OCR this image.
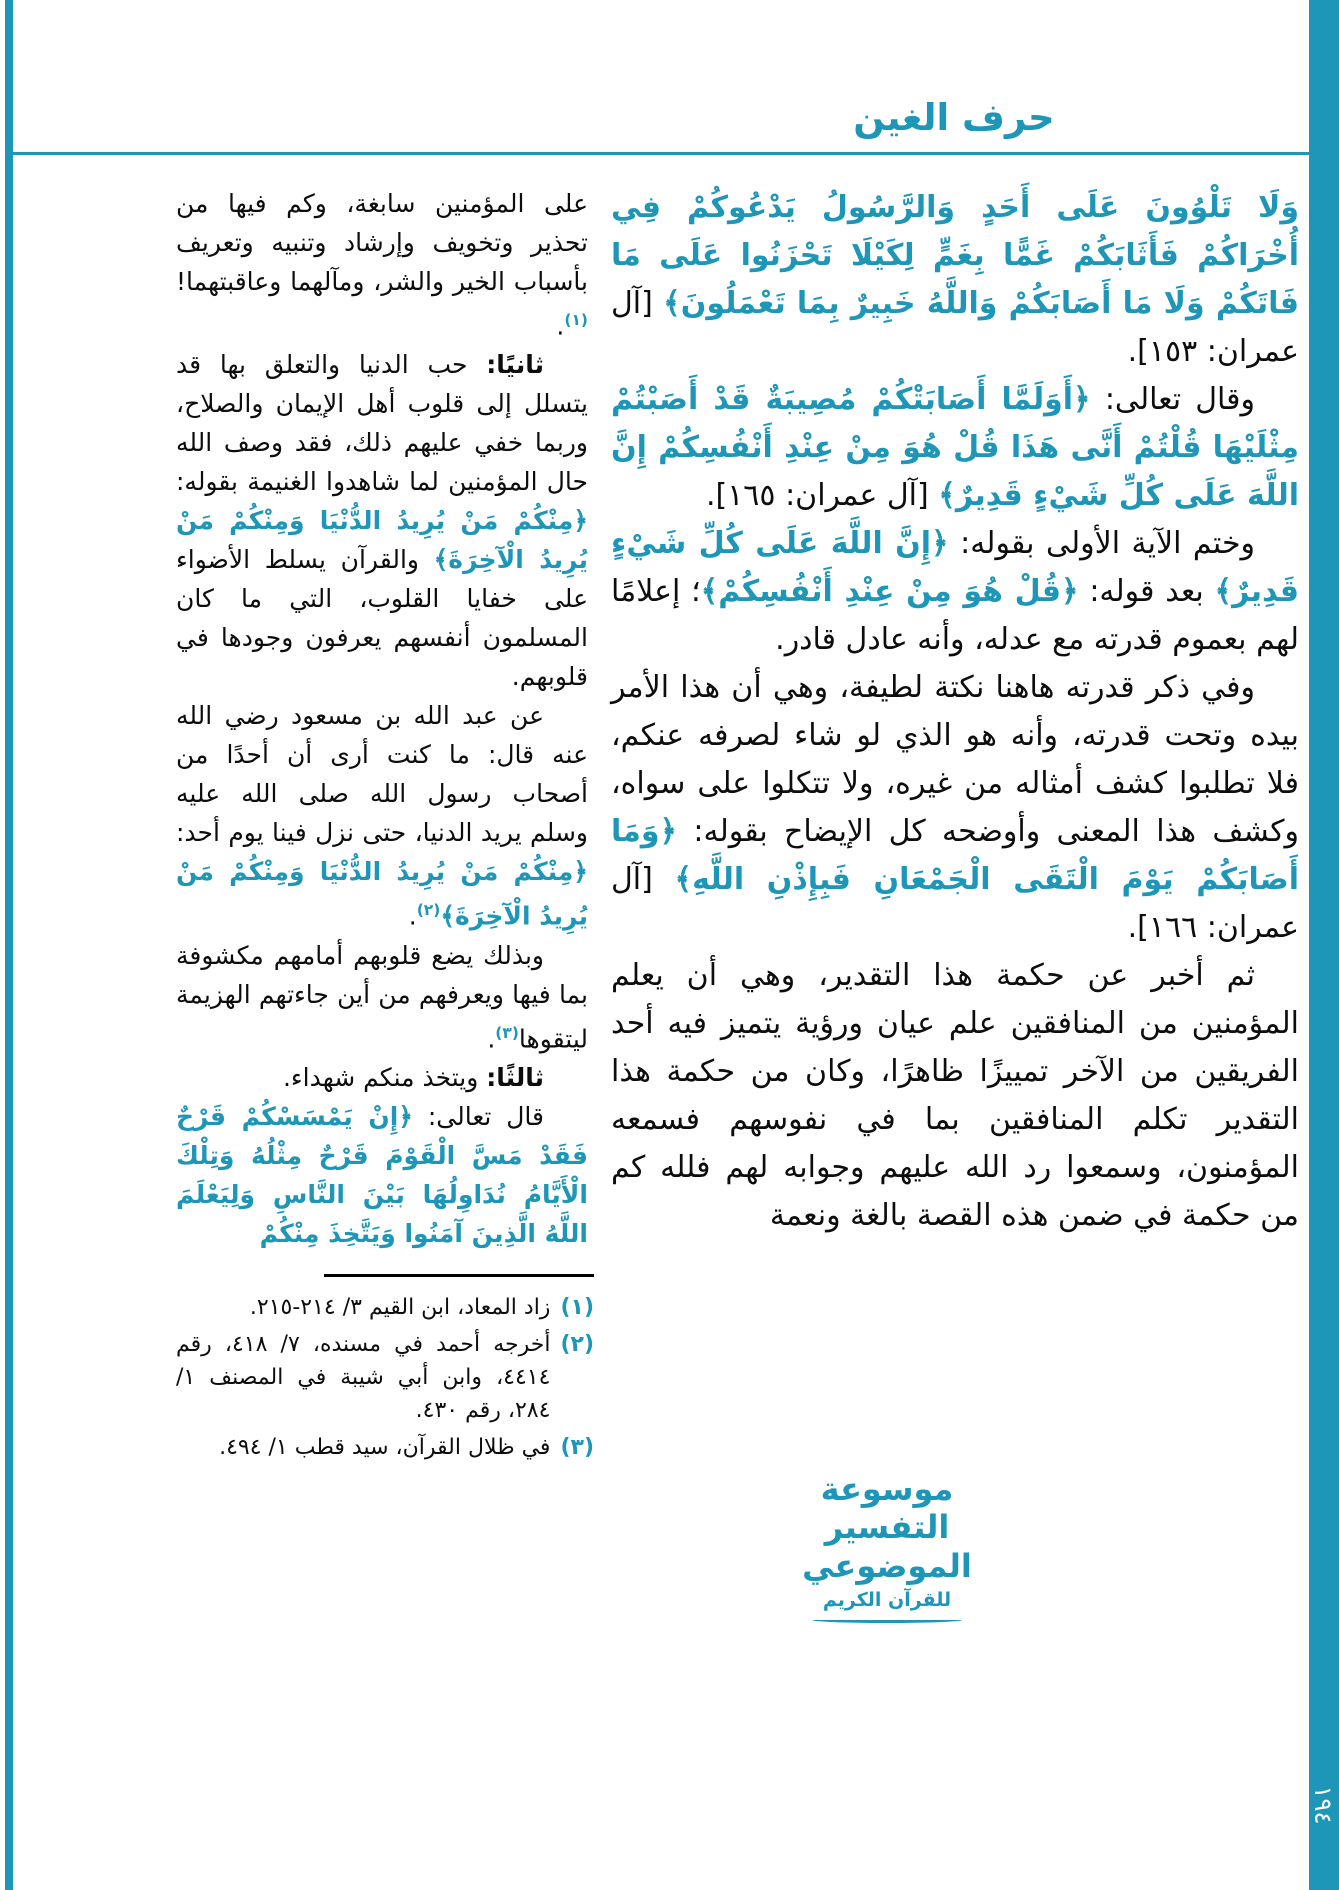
١٩٤
حرف الغين

وَلَا تَلْوُونَ عَلَى أَحَدٍ وَالرَّسُولُ يَدْعُوكُمْ فِي أُخْرَاكُمْ فَأَثَابَكُمْ غَمًّا بِغَمٍّ لِكَيْلَا تَحْزَنُوا عَلَى مَا فَاتَكُمْ وَلَا مَا أَصَابَكُمْ وَاللَّهُ خَبِيرٌ بِمَا تَعْمَلُونَ﴾ [آل عمران: ١٥٣].

وقال تعالى: ﴿أَوَلَمَّا أَصَابَتْكُمْ مُصِيبَةٌ قَدْ أَصَبْتُمْ مِثْلَيْهَا قُلْتُمْ أَنَّى هَذَا قُلْ هُوَ مِنْ عِنْدِ أَنْفُسِكُمْ إِنَّ اللَّهَ عَلَى كُلِّ شَيْءٍ قَدِيرٌ﴾ [آل عمران: ١٦٥].

وختم الآية الأولى بقوله: ﴿إِنَّ اللَّهَ عَلَى كُلِّ شَيْءٍ قَدِيرٌ﴾ بعد قوله: ﴿قُلْ هُوَ مِنْ عِنْدِ أَنْفُسِكُمْ﴾؛ إعلامًا لهم بعموم قدرته مع عدله، وأنه عادل قادر.

وفي ذكر قدرته هاهنا نكتة لطيفة، وهي أن هذا الأمر بيده وتحت قدرته، وأنه هو الذي لو شاء لصرفه عنكم، فلا تطلبوا كشف أمثاله من غيره، ولا تتكلوا على سواه، وكشف هذا المعنى وأوضحه كل الإيضاح بقوله: ﴿وَمَا أَصَابَكُمْ يَوْمَ الْتَقَى الْجَمْعَانِ فَبِإِذْنِ اللَّهِ﴾ [آل عمران: ١٦٦].

ثم أخبر عن حكمة هذا التقدير، وهي أن يعلم المؤمنين من المنافقين علم عيان ورؤية يتميز فيه أحد الفريقين من الآخر تمييزًا ظاهرًا، وكان من حكمة هذا التقدير تكلم المنافقين بما في نفوسهم فسمعه المؤمنون، وسمعوا رد الله عليهم وجوابه لهم فلله كم من حكمة في ضمن هذه القصة بالغة ونعمة

على المؤمنين سابغة، وكم فيها من تحذير وتخويف وإرشاد وتنبيه وتعريف بأسباب الخير والشر، ومآلهما وعاقبتهما!$^{(١)}$.

ثانيًا: حب الدنيا والتعلق بها قد يتسلل إلى قلوب أهل الإيمان والصلاح، وربما خفي عليهم ذلك، فقد وصف الله حال المؤمنين لما شاهدوا الغنيمة بقوله: ﴿مِنْكُمْ مَنْ يُرِيدُ الدُّنْيَا وَمِنْكُمْ مَنْ يُرِيدُ الْآخِرَةَ﴾ والقرآن يسلط الأضواء على خفايا القلوب، التي ما كان المسلمون أنفسهم يعرفون وجودها في قلوبهم.

عن عبد الله بن مسعود رضي الله عنه قال: ما كنت أرى أن أحدًا من أصحاب رسول الله صلى الله عليه وسلم يريد الدنيا، حتى نزل فينا يوم أحد: ﴿مِنْكُمْ مَنْ يُرِيدُ الدُّنْيَا وَمِنْكُمْ مَنْ يُرِيدُ الْآخِرَةَ﴾$^{(٢)}$.

وبذلك يضع قلوبهم أمامهم مكشوفة بما فيها ويعرفهم من أين جاءتهم الهزيمة ليتقوها$^{(٣)}$.

ثالثًا: ويتخذ منكم شهداء.

قال تعالى: ﴿إِنْ يَمْسَسْكُمْ قَرْحٌ فَقَدْ مَسَّ الْقَوْمَ قَرْحٌ مِثْلُهُ وَتِلْكَ الْأَيَّامُ نُدَاوِلُهَا بَيْنَ النَّاسِ وَلِيَعْلَمَ اللَّهُ الَّذِينَ آمَنُوا وَيَتَّخِذَ مِنْكُمْ

(١)
زاد المعاد، ابن القيم ٣/ ٢١٤-٢١٥.
(٢)
أخرجه أحمد في مسنده، ٧/ ٤١٨، رقم ٤٤١٤، وابن أبي شيبة في المصنف ١/ ٢٨٤، رقم ٤٣٠.
(٣)
في ظلال القرآن، سيد قطب ١/ ٤٩٤.
موسوعة التفسير الموضوعي
للقرآن الكريم
